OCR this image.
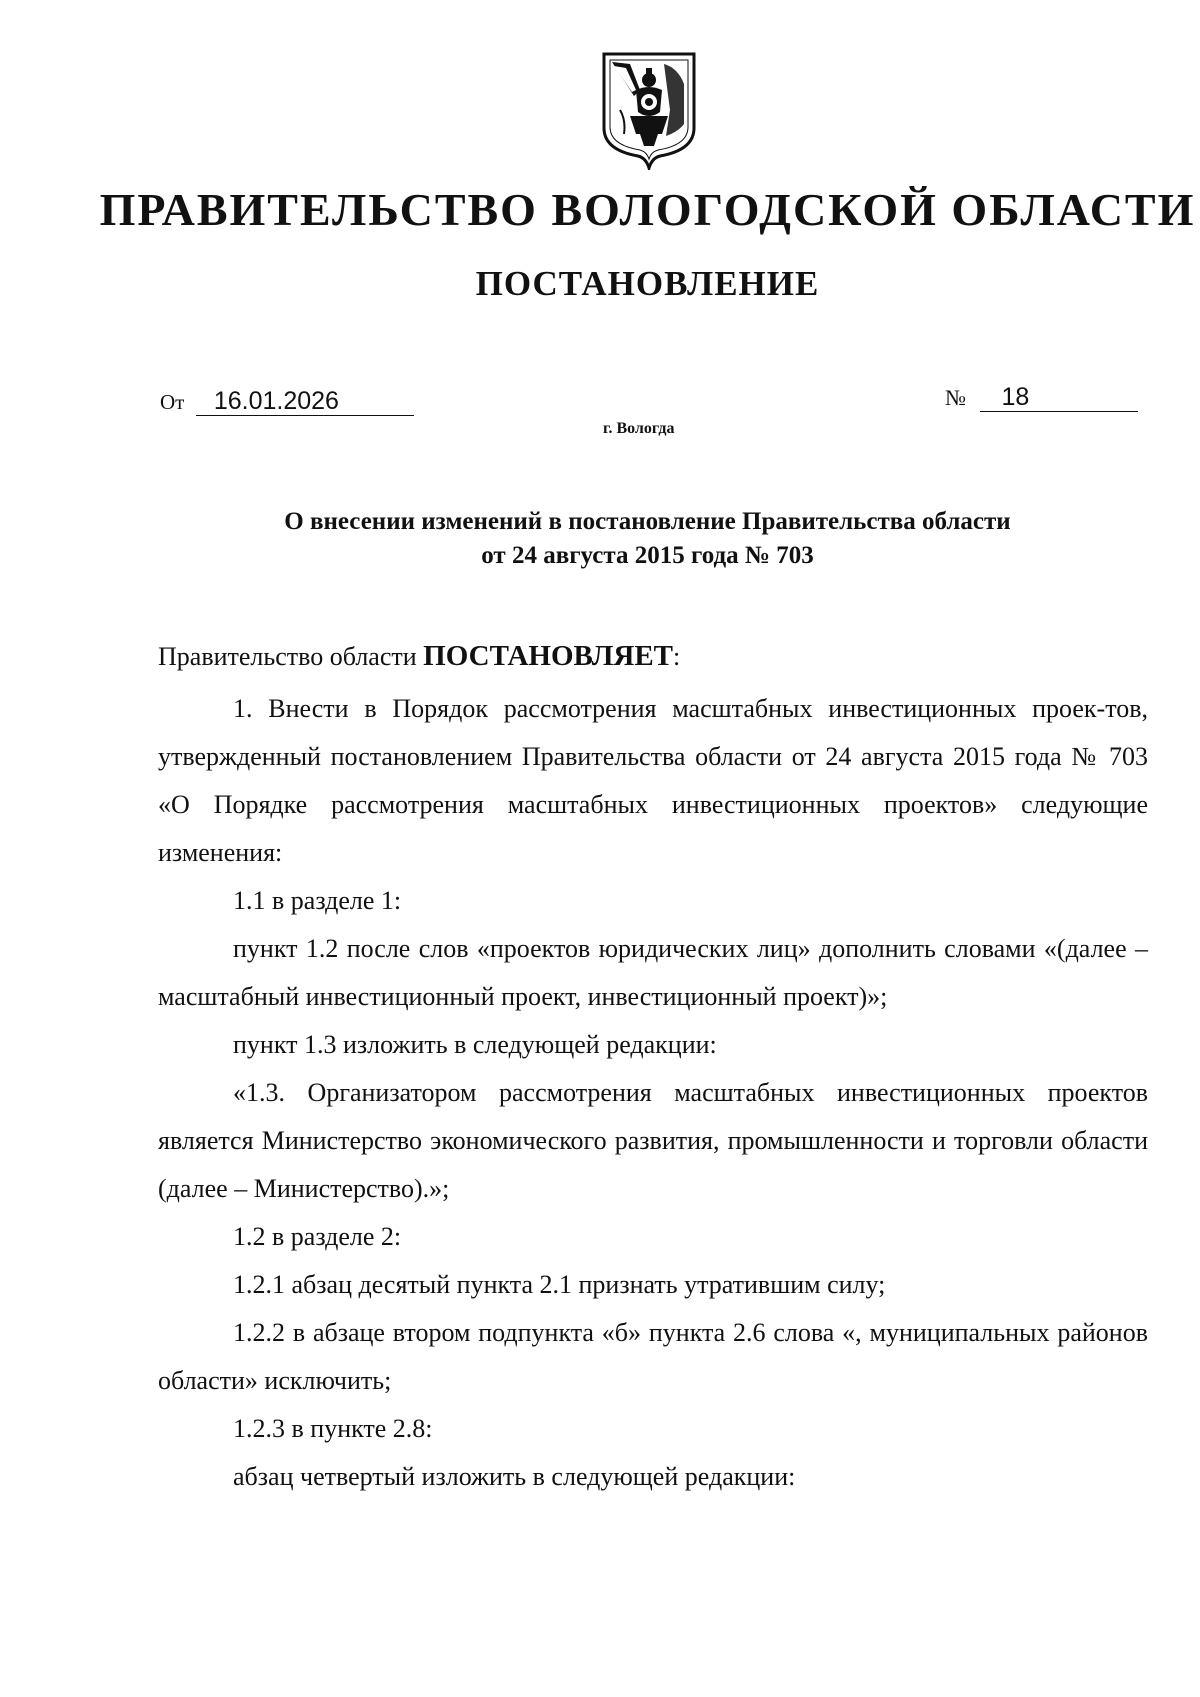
ПРАВИТЕЛЬСТВО ВОЛОГОДСКОЙ ОБЛАСТИ
ПОСТАНОВЛЕНИЕ
От 16.01.2026	№ 18
г. Вологда
О внесении изменений в постановление Правительства области
от 24 августа 2015 года № 703

Правительство области ПОСТАНОВЛЯЕТ:

1. Внести в Порядок рассмотрения масштабных инвестиционных проек-тов, утвержденный постановлением Правительства области от 24 августа 2015 года № 703 «О Порядке рассмотрения масштабных инвестиционных проектов» следующие изменения:

1.1 в разделе 1:

пункт 1.2 после слов «проектов юридических лиц» дополнить словами «(далее – масштабный инвестиционный проект, инвестиционный проект)»;

пункт 1.3 изложить в следующей редакции:

«1.3. Организатором рассмотрения масштабных инвестиционных проектов является Министерство экономического развития, промышленности и торговли области (далее – Министерство).»;

1.2 в разделе 2:

1.2.1 абзац десятый пункта 2.1 признать утратившим силу;

1.2.2 в абзаце втором подпункта «б» пункта 2.6 слова «, муниципальных районов области» исключить;

1.2.3 в пункте 2.8:

абзац четвертый изложить в следующей редакции:
